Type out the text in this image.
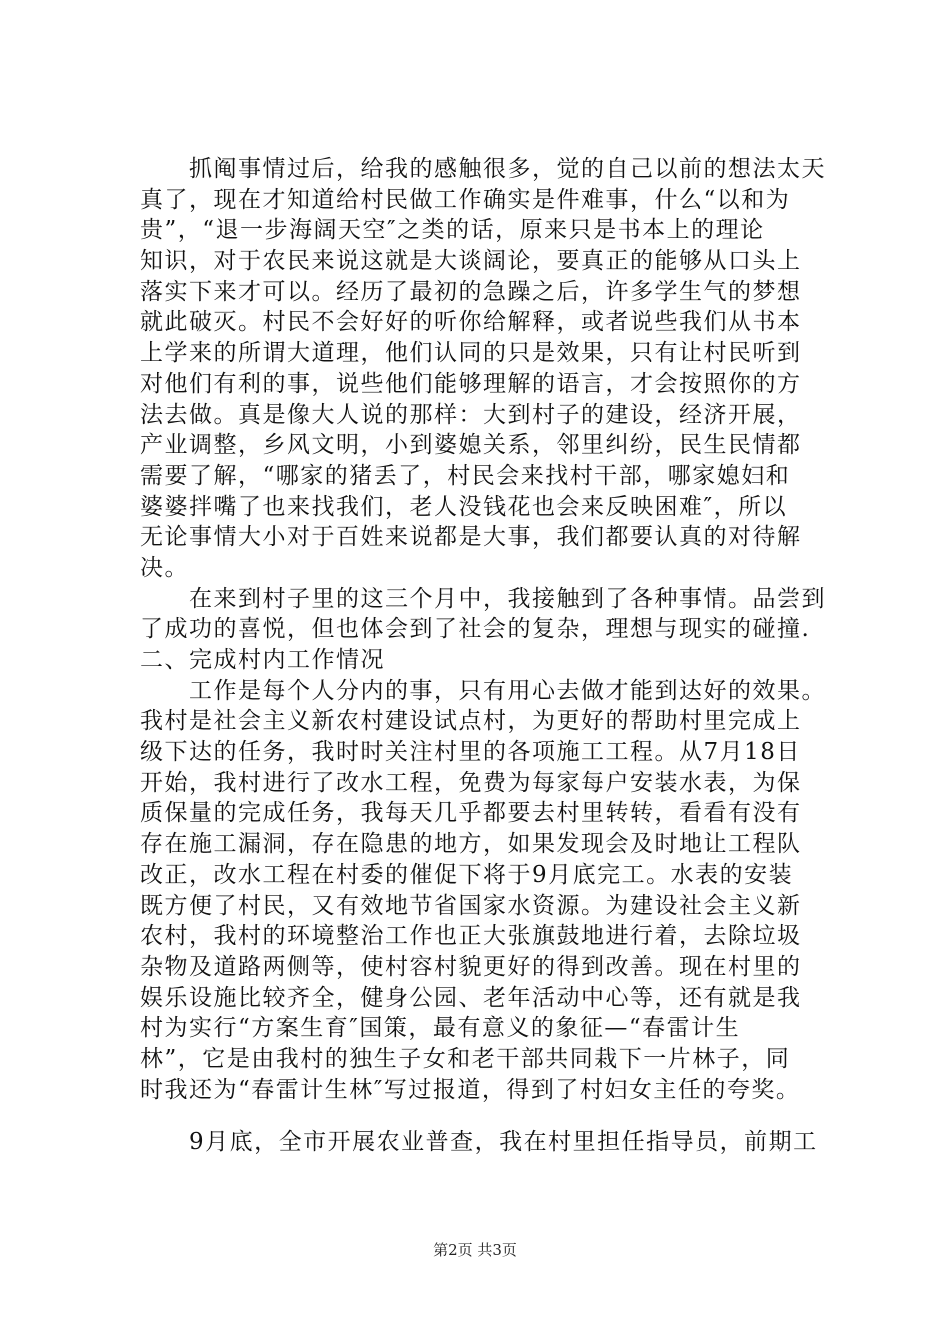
　　抓阄事情过后，给我的感触很多，觉的自己以前的想法太天
真了，现在才知道给村民做工作确实是件难事，什么“以和为
贵”，“退一步海阔天空″之类的话，原来只是书本上的理论
知识，对于农民来说这就是大谈阔论，要真正的能够从口头上
落实下来才可以。经历了最初的急躁之后，许多学生气的梦想
就此破灭。村民不会好好的听你给解释，或者说些我们从书本
上学来的所谓大道理，他们认同的只是效果，只有让村民听到
对他们有利的事，说些他们能够理解的语言，才会按照你的方
法去做。真是像大人说的那样：大到村子的建设，经济开展，
产业调整，乡风文明，小到婆媳关系，邻里纠纷，民生民情都
需要了解，“哪家的猪丢了，村民会来找村干部，哪家媳妇和
婆婆拌嘴了也来找我们，老人没钱花也会来反映困难″，所以
无论事情大小对于百姓来说都是大事，我们都要认真的对待解
决。
　　在来到村子里的这三个月中，我接触到了各种事情。品尝到
了成功的喜悦，但也体会到了社会的复杂，理想与现实的碰撞.
二、完成村内工作情况
　　工作是每个人分内的事，只有用心去做才能到达好的效果。
我村是社会主义新农村建设试点村，为更好的帮助村里完成上
级下达的任务，我时时关注村里的各项施工工程。从7月18日
开始，我村进行了改水工程，免费为每家每户安装水表，为保
质保量的完成任务，我每天几乎都要去村里转转，看看有没有
存在施工漏洞，存在隐患的地方，如果发现会及时地让工程队
改正，改水工程在村委的催促下将于9月底完工。水表的安装
既方便了村民，又有效地节省国家水资源。为建设社会主义新
农村，我村的环境整治工作也正大张旗鼓地进行着，去除垃圾
杂物及道路两侧等，使村容村貌更好的得到改善。现在村里的
娱乐设施比较齐全，健身公园、老年活动中心等，还有就是我
村为实行“方案生育″国策，最有意义的象征—“春雷计生
林”，它是由我村的独生子女和老干部共同栽下一片林子，同
时我还为“春雷计生林″写过报道，得到了村妇女主任的夸奖。
　　9月底，全市开展农业普查，我在村里担任指导员，前期工
第2页 共3页
